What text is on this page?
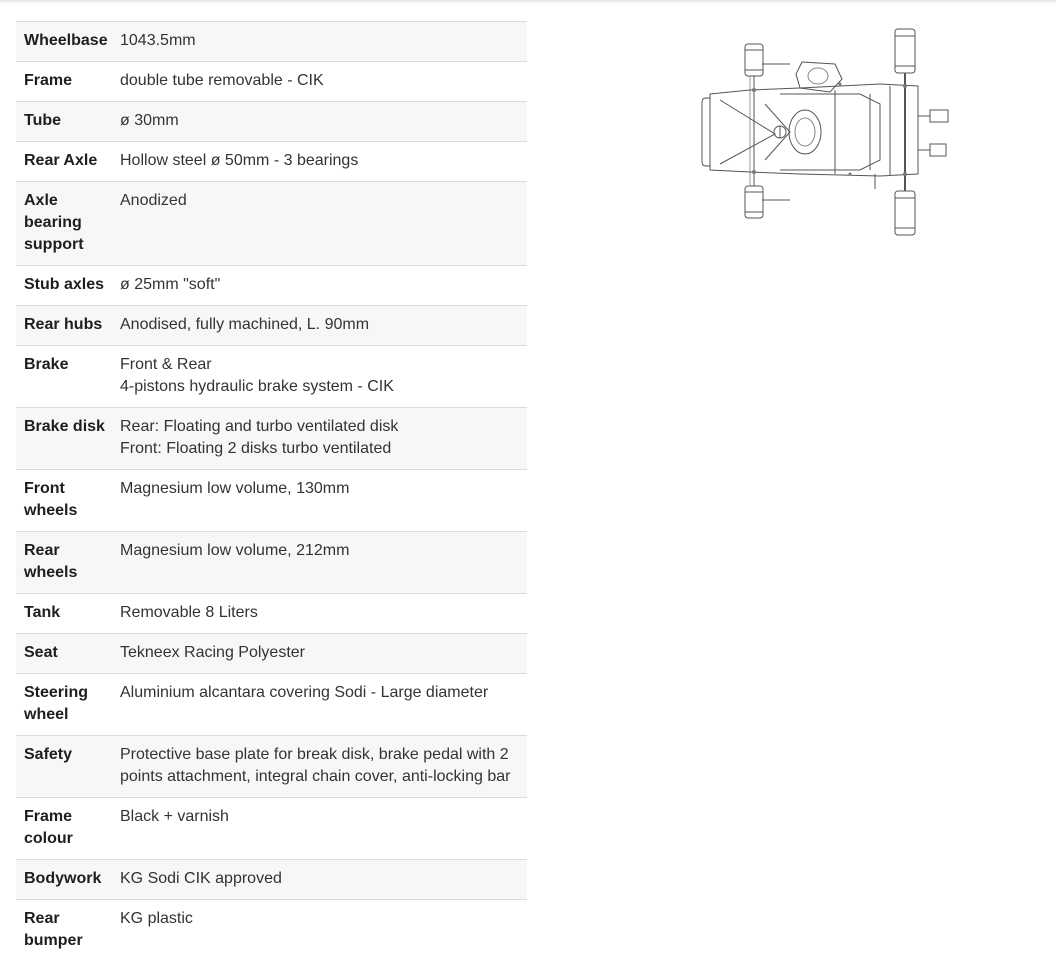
Wheelbase	1043.5mm

Frame	double tube removable - CIK

Tube	ø 30mm

Rear Axle	Hollow steel ø 50mm - 3 bearings

Axle bearing support	Anodized

Stub axles	ø 25mm "soft"

Rear hubs	Anodised, fully machined, L. 90mm

Brake	Front & Rear
4-pistons hydraulic brake system - CIK

Brake disk	Rear: Floating and turbo ventilated disk
Front: Floating 2 disks turbo ventilated

Front wheels	Magnesium low volume, 130mm

Rear wheels	Magnesium low volume, 212mm

Tank	Removable 8 Liters

Seat	Tekneex Racing Polyester

Steering wheel	Aluminium alcantara covering Sodi - Large diameter

Safety	Protective base plate for break disk, brake pedal with 2 points attachment, integral chain cover, anti-locking bar

Frame colour	Black + varnish

Bodywork	KG Sodi CIK approved

Rear bumper	KG plastic
